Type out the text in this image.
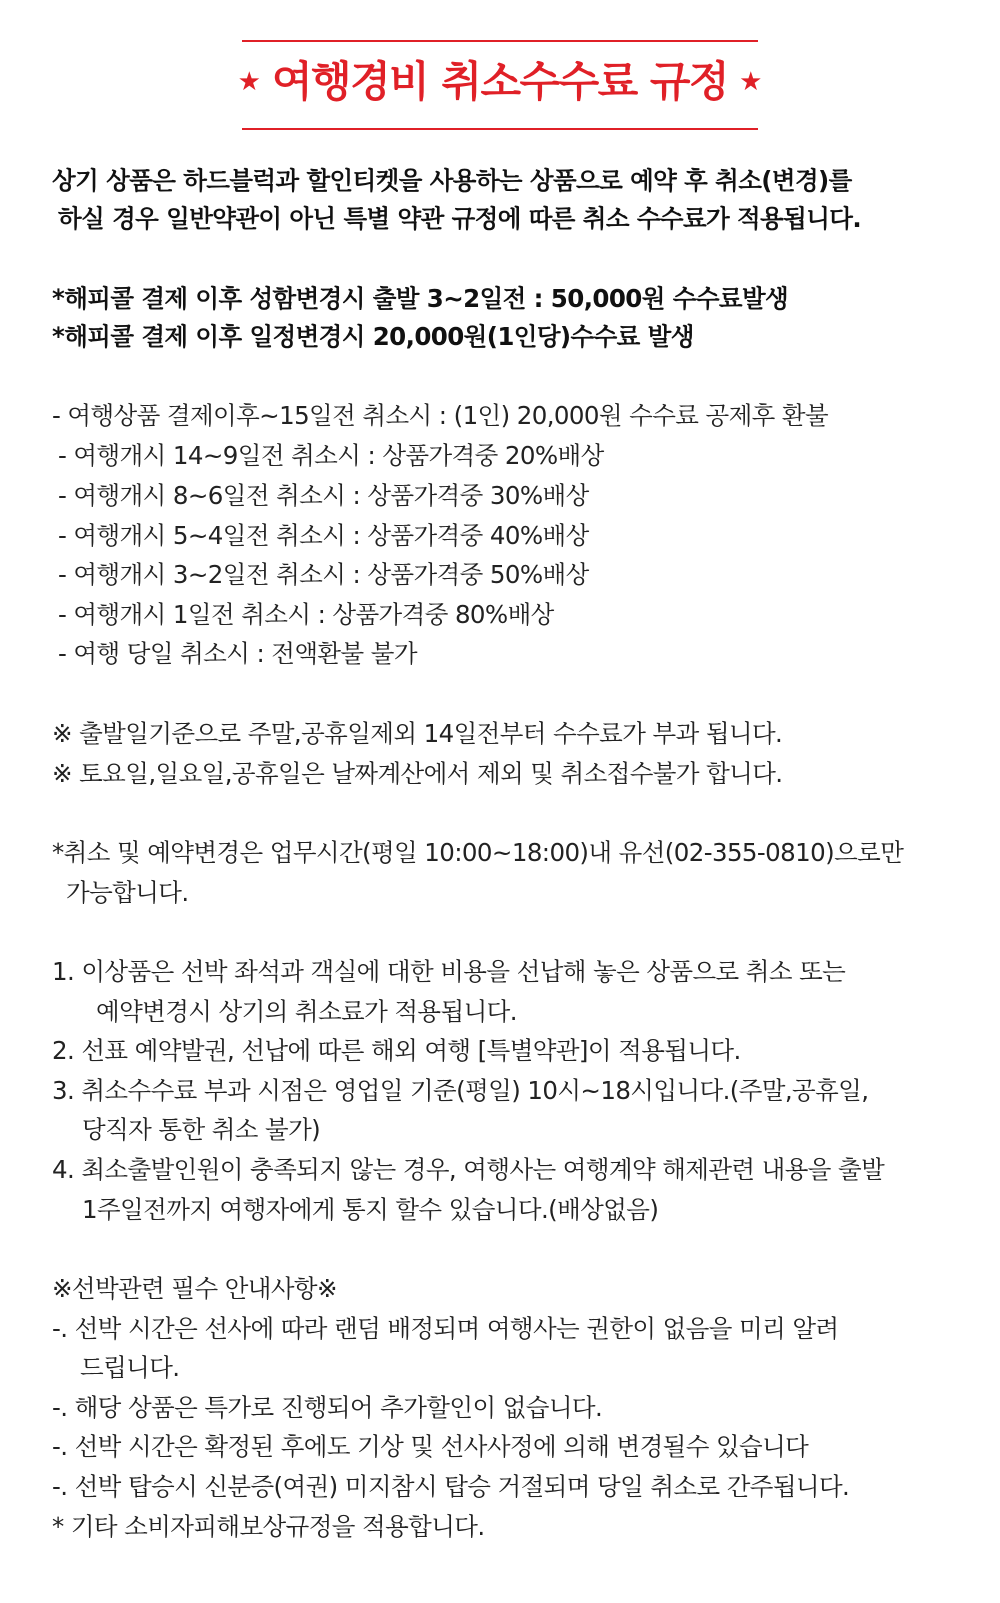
★ 여행경비 취소수수료 규정 ★
상기 상품은 하드블럭과 할인티켓을 사용하는 상품으로 예약 후 취소(변경)를
하실 경우 일반약관이 아닌 특별 약관 규정에 따른 취소 수수료가 적용됩니다.
*해피콜 결제 이후 성함변경시 출발 3~2일전 : 50,000원 수수료발생
*해피콜 결제 이후 일정변경시 20,000원(1인당)수수료 발생
- 여행상품 결제이후~15일전 취소시 : (1인) 20,000원 수수료 공제후 환불
- 여행개시 14~9일전 취소시 : 상품가격중 20%배상
- 여행개시 8~6일전 취소시 : 상품가격중 30%배상
- 여행개시 5~4일전 취소시 : 상품가격중 40%배상
- 여행개시 3~2일전 취소시 : 상품가격중 50%배상
- 여행개시 1일전 취소시 : 상품가격중 80%배상
- 여행 당일 취소시 : 전액환불 불가
※ 출발일기준으로 주말,공휴일제외 14일전부터 수수료가 부과 됩니다.
※ 토요일,일요일,공휴일은 날짜계산에서 제외 및 취소접수불가 합니다.
*취소 및 예약변경은 업무시간(평일 10:00~18:00)내 유선(02-355-0810)으로만
가능합니다.
1. 이상품은 선박 좌석과 객실에 대한 비용을 선납해 놓은 상품으로 취소 또는
예약변경시 상기의 취소료가 적용됩니다.
2. 선표 예약발권, 선납에 따른 해외 여행 [특별약관]이 적용됩니다.
3. 취소수수료 부과 시점은 영업일 기준(평일) 10시~18시입니다.(주말,공휴일,
당직자 통한 취소 불가)
4. 최소출발인원이 충족되지 않는 경우, 여행사는 여행계약 해제관련 내용을 출발
1주일전까지 여행자에게 통지 할수 있습니다.(배상없음)
※선박관련 필수 안내사항※
-. 선박 시간은 선사에 따라 랜덤 배정되며 여행사는 권한이 없음을 미리 알려
드립니다.
-. 해당 상품은 특가로 진행되어 추가할인이 없습니다.
-. 선박 시간은 확정된 후에도 기상 및 선사사정에 의해 변경될수 있습니다
-. 선박 탑승시 신분증(여권) 미지참시 탑승 거절되며 당일 취소로 간주됩니다.
* 기타 소비자피해보상규정을 적용합니다.
